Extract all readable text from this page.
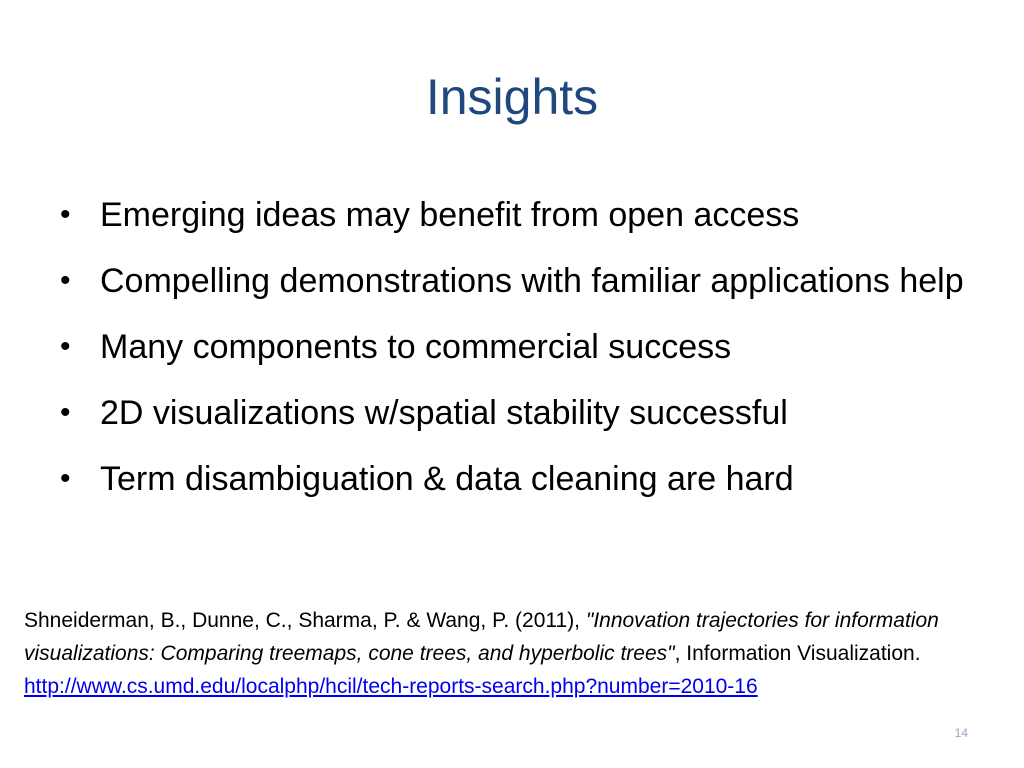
Insights
• Emerging ideas may benefit from open access
• Compelling demonstrations with familiar applications help
• Many components to commercial success
• 2D visualizations w/spatial stability successful
• Term disambiguation & data cleaning are hard
Shneiderman, B., Dunne, C., Sharma, P. & Wang, P. (2011), "Innovation trajectories for information visualizations: Comparing treemaps, cone trees, and hyperbolic trees", Information Visualization.
http://www.cs.umd.edu/localphp/hcil/tech-reports-search.php?number=2010-16
14
